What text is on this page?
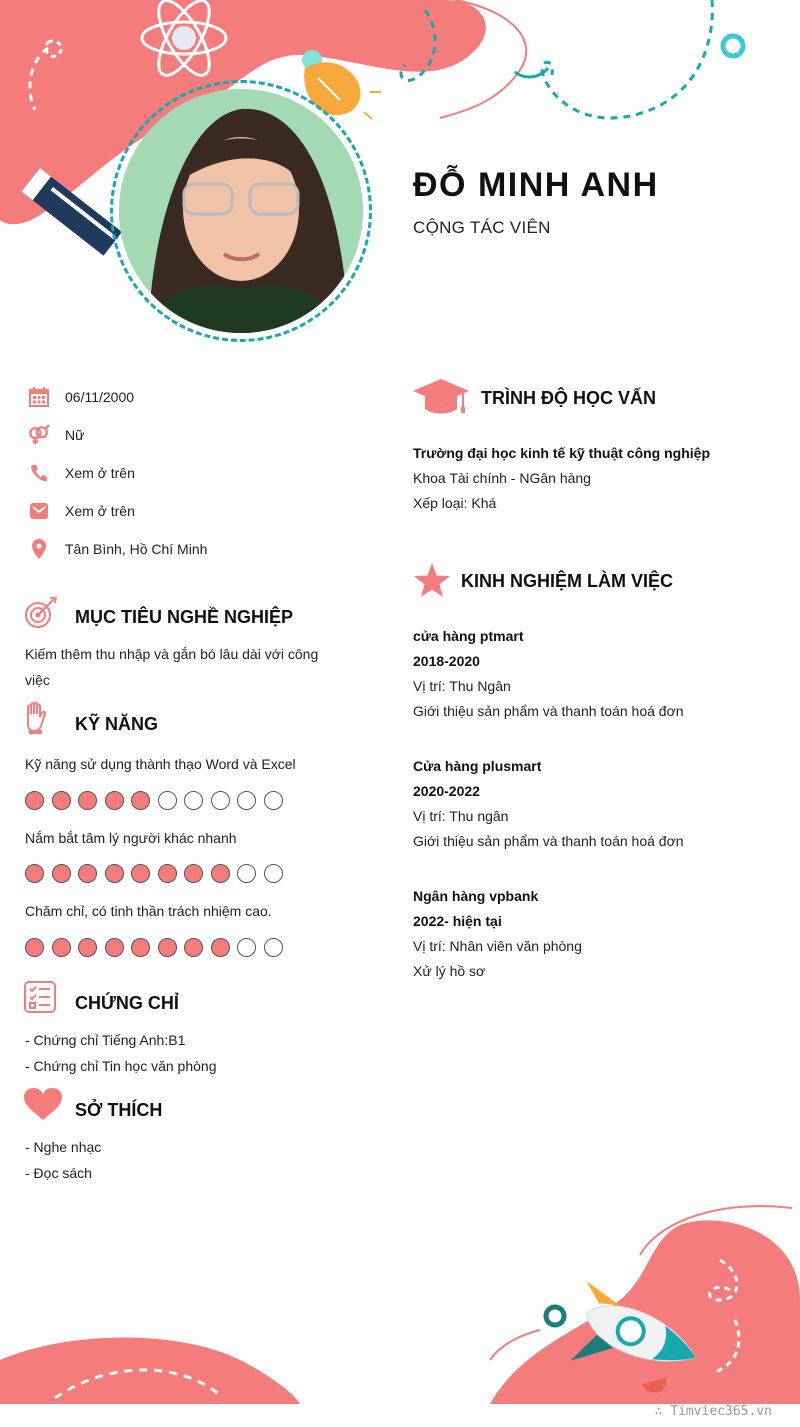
ĐỖ MINH ANH
CỘNG TÁC VIÊN
06/11/2000
Nữ
Xem ở trên
Xem ở trên
Tân Bình, Hồ Chí Minh
MỤC TIÊU NGHỀ NGHIỆP
Kiếm thêm thu nhập và gắn bó lâu dài với công
việc
KỸ NĂNG
Kỹ năng sử dụng thành thạo Word và Excel
Nắm bắt tâm lý người khác nhanh
Chăm chỉ, có tinh thần trách nhiệm cao.
CHỨNG CHỈ
- Chứng chỉ Tiếng Anh:B1
- Chứng chỉ Tin học văn phòng
SỞ THÍCH
- Nghe nhạc
- Đọc sách
TRÌNH ĐỘ HỌC VẤN
Trường đại học kinh tế kỹ thuật công nghiệp
Khoa Tài chính - NGân hàng
Xếp loại: Khá
KINH NGHIỆM LÀM VIỆC
cửa hàng ptmart
2018-2020
Vị trí: Thu Ngân
Giới thiệu sản phẩm và thanh toán hoá đơn
Cửa hàng plusmart
2020-2022
Vị trí: Thu ngân
Giới thiệu sản phẩm và thanh toán hoá đơn
Ngân hàng vpbank
2022- hiện tại
Vị trí: Nhân viên văn phòng
Xử lý hồ sơ
∴ Timviec365.vn
